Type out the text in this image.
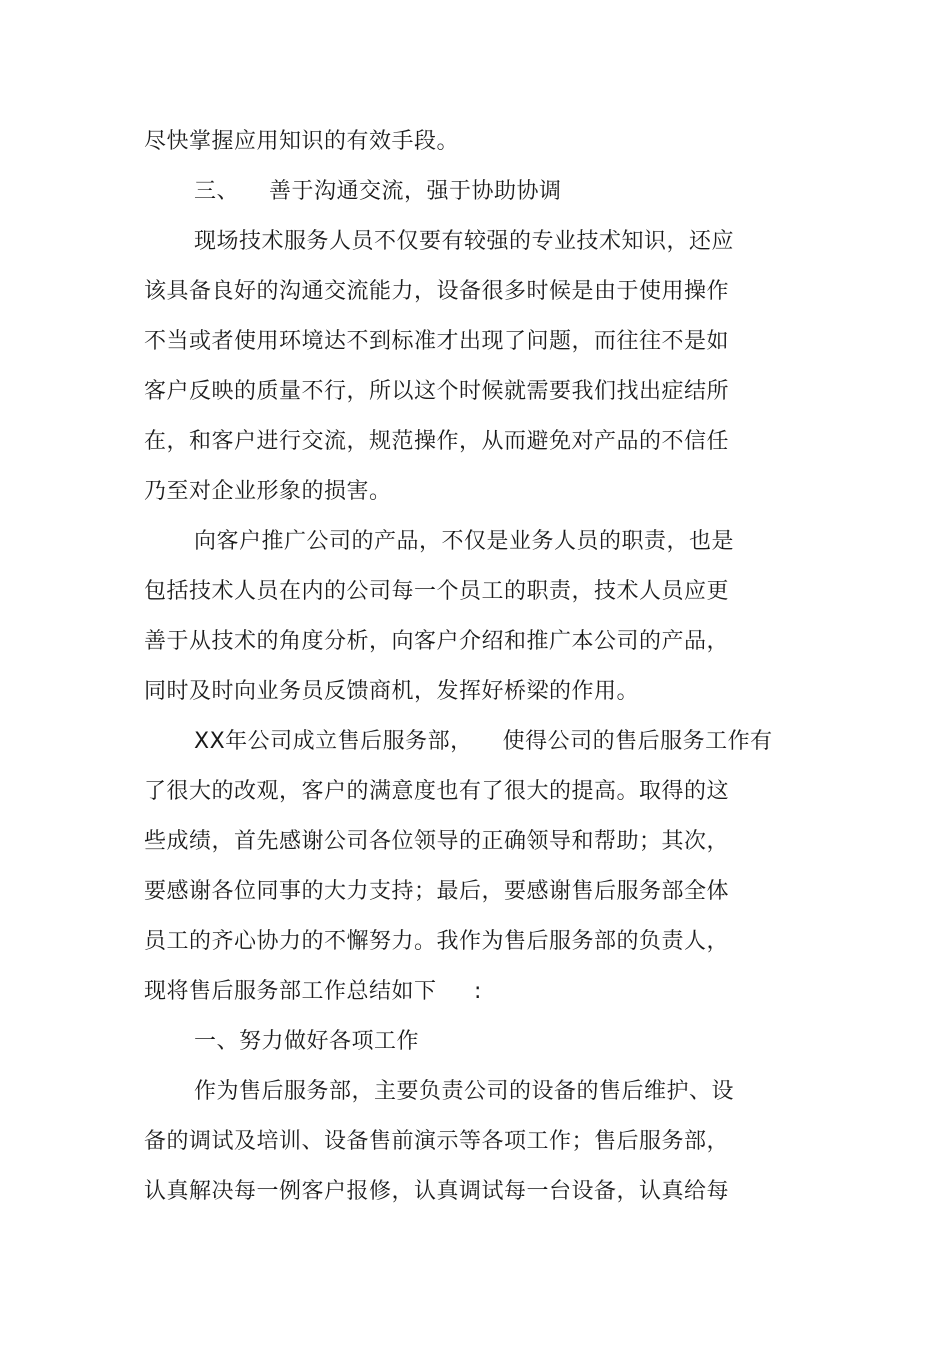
尽快掌握应用知识的有效手段。
三、    善于沟通交流，强于协助协调
现场技术服务人员不仅要有较强的专业技术知识，还应
该具备良好的沟通交流能力，设备很多时候是由于使用操作
不当或者使用环境达不到标准才出现了问题，而往往不是如
客户反映的质量不行，所以这个时候就需要我们找出症结所
在，和客户进行交流，规范操作，从而避免对产品的不信任
乃至对企业形象的损害。
向客户推广公司的产品，不仅是业务人员的职责，也是
包括技术人员在内的公司每一个员工的职责，技术人员应更
善于从技术的角度分析，向客户介绍和推广本公司的产品，
同时及时向业务员反馈商机，发挥好桥梁的作用。
XX年公司成立售后服务部，    使得公司的售后服务工作有
了很大的改观，客户的满意度也有了很大的提高。取得的这
些成绩，首先感谢公司各位领导的正确领导和帮助；其次，
要感谢各位同事的大力支持；最后，要感谢售后服务部全体
员工的齐心协力的不懈努力。我作为售后服务部的负责人，
现将售后服务部工作总结如下     :
一、努力做好各项工作
作为售后服务部，主要负责公司的设备的售后维护、设
备的调试及培训、设备售前演示等各项工作；售后服务部，
认真解决每一例客户报修，认真调试每一台设备，认真给每
